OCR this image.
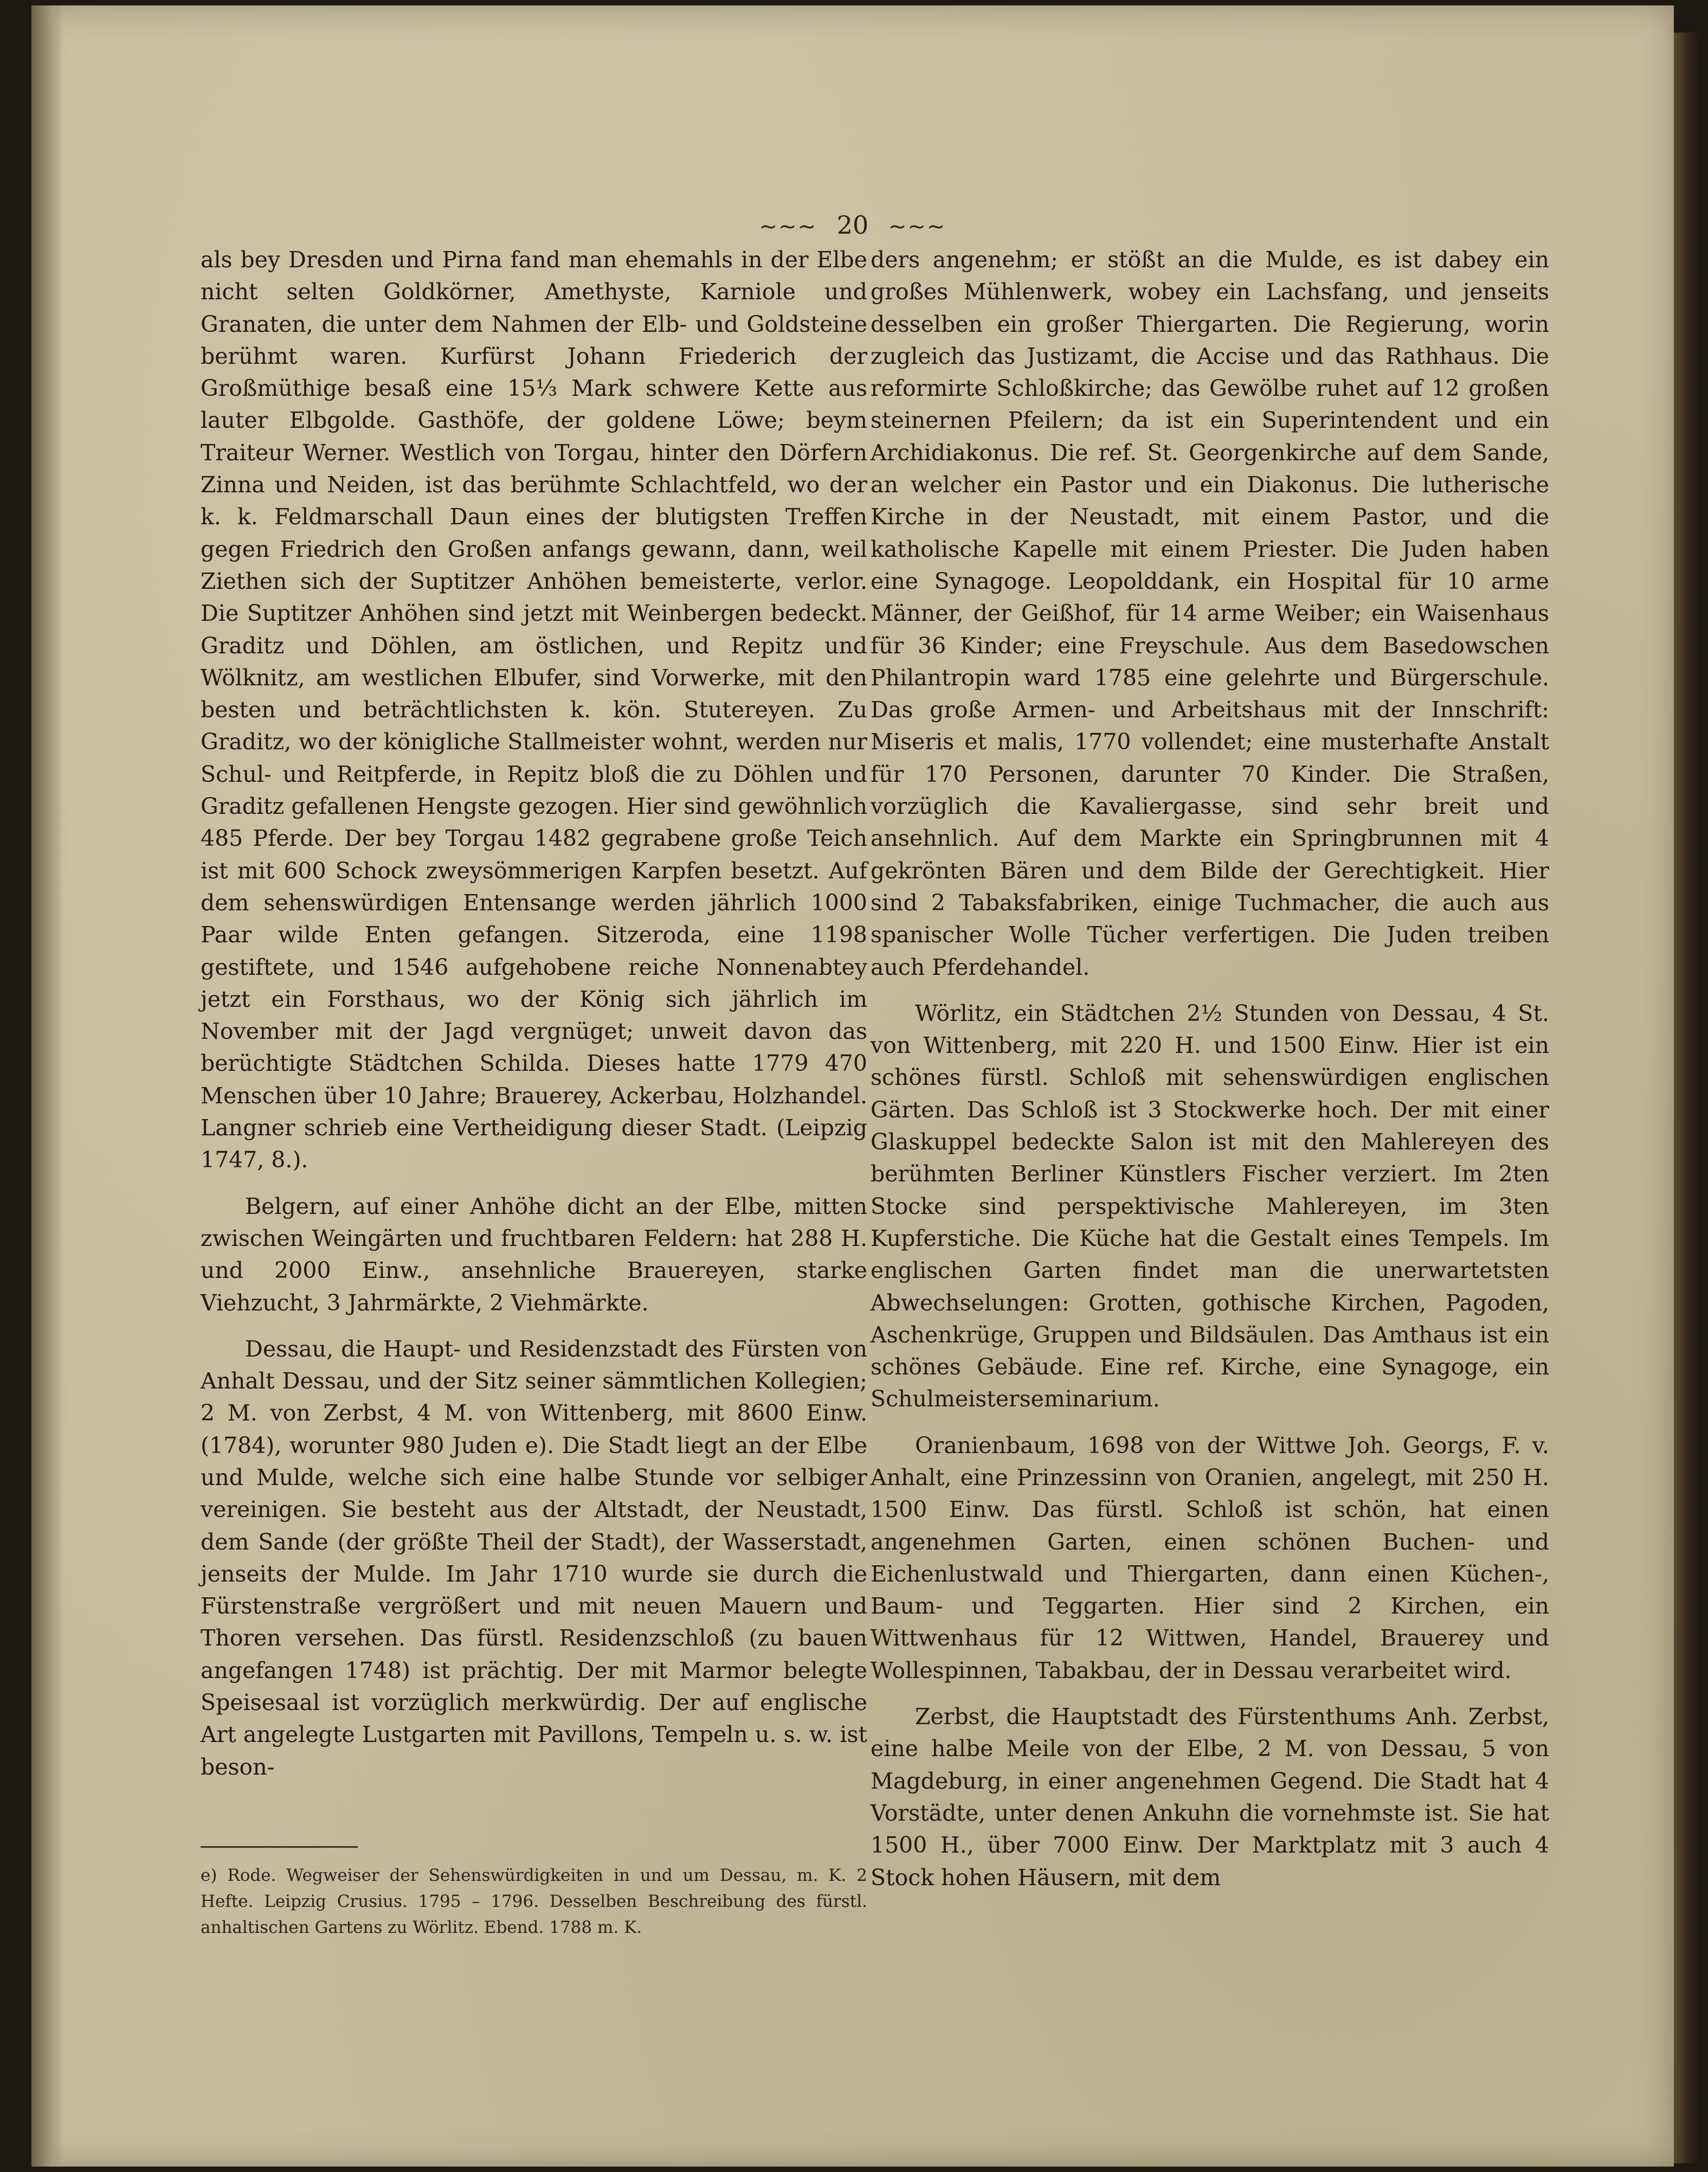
~~~ 20 ~~~

als bey Dresden und Pirna fand man ehemahls in der Elbe nicht selten Goldkörner, Amethyste, Karniole und Granaten, die unter dem Nahmen der Elb- und Goldsteine berühmt waren. Kurfürst Johann Friederich der Großmüthige besaß eine 15⅓ Mark schwere Kette aus lauter Elbgolde. Gasthöfe, der goldene Löwe; beym Traiteur Werner. Westlich von Torgau, hinter den Dörfern Zinna und Neiden, ist das berühmte Schlachtfeld, wo der k. k. Feldmarschall Daun eines der blutigsten Treffen gegen Friedrich den Großen anfangs gewann, dann, weil Ziethen sich der Suptitzer Anhöhen bemeisterte, verlor. Die Suptitzer Anhöhen sind jetzt mit Weinbergen bedeckt. Graditz und Döhlen, am östlichen, und Repitz und Wölknitz, am westlichen Elbufer, sind Vorwerke, mit den besten und beträchtlichsten k. kön. Stutereyen. Zu Graditz, wo der königliche Stallmeister wohnt, werden nur Schul- und Reitpferde, in Repitz bloß die zu Döhlen und Graditz gefallenen Hengste gezogen. Hier sind gewöhnlich 485 Pferde. Der bey Torgau 1482 gegrabene große Teich ist mit 600 Schock zweysömmerigen Karpfen besetzt. Auf dem sehenswürdigen Entensange werden jährlich 1000 Paar wilde Enten gefangen. Sitzeroda, eine 1198 gestiftete, und 1546 aufgehobene reiche Nonnenabtey jetzt ein Forsthaus, wo der König sich jährlich im November mit der Jagd vergnüget; unweit davon das berüchtigte Städtchen Schilda. Dieses hatte 1779 470 Menschen über 10 Jahre; Brauerey, Ackerbau, Holzhandel. Langner schrieb eine Vertheidigung dieser Stadt. (Leipzig 1747, 8.).

Belgern, auf einer Anhöhe dicht an der Elbe, mitten zwischen Weingärten und fruchtbaren Feldern: hat 288 H. und 2000 Einw., ansehnliche Brauereyen, starke Viehzucht, 3 Jahrmärkte, 2 Viehmärkte.

Dessau, die Haupt- und Residenzstadt des Fürsten von Anhalt Dessau, und der Sitz seiner sämmtlichen Kollegien; 2 M. von Zerbst, 4 M. von Wittenberg, mit 8600 Einw. (1784), worunter 980 Juden e). Die Stadt liegt an der Elbe und Mulde, welche sich eine halbe Stunde vor selbiger vereinigen. Sie besteht aus der Altstadt, der Neustadt, dem Sande (der größte Theil der Stadt), der Wasserstadt, jenseits der Mulde. Im Jahr 1710 wurde sie durch die Fürstenstraße vergrößert und mit neuen Mauern und Thoren versehen. Das fürstl. Residenzschloß (zu bauen angefangen 1748) ist prächtig. Der mit Marmor belegte Speisesaal ist vorzüglich merkwürdig. Der auf englische Art angelegte Lustgarten mit Pavillons, Tempeln u. s. w. ist beson-

ders angenehm; er stößt an die Mulde, es ist dabey ein großes Mühlenwerk, wobey ein Lachsfang, und jenseits desselben ein großer Thiergarten. Die Regierung, worin zugleich das Justizamt, die Accise und das Rathhaus. Die reformirte Schloßkirche; das Gewölbe ruhet auf 12 großen steinernen Pfeilern; da ist ein Superintendent und ein Archidiakonus. Die ref. St. Georgenkirche auf dem Sande, an welcher ein Pastor und ein Diakonus. Die lutherische Kirche in der Neustadt, mit einem Pastor, und die katholische Kapelle mit einem Priester. Die Juden haben eine Synagoge. Leopolddank, ein Hospital für 10 arme Männer, der Geißhof, für 14 arme Weiber; ein Waisenhaus für 36 Kinder; eine Freyschule. Aus dem Basedowschen Philantropin ward 1785 eine gelehrte und Bürgerschule. Das große Armen- und Arbeitshaus mit der Innschrift: Miseris et malis, 1770 vollendet; eine musterhafte Anstalt für 170 Personen, darunter 70 Kinder. Die Straßen, vorzüglich die Kavaliergasse, sind sehr breit und ansehnlich. Auf dem Markte ein Springbrunnen mit 4 gekrönten Bären und dem Bilde der Gerechtigkeit. Hier sind 2 Tabaksfabriken, einige Tuchmacher, die auch aus spanischer Wolle Tücher verfertigen. Die Juden treiben auch Pferdehandel.

Wörlitz, ein Städtchen 2½ Stunden von Dessau, 4 St. von Wittenberg, mit 220 H. und 1500 Einw. Hier ist ein schönes fürstl. Schloß mit sehenswürdigen englischen Gärten. Das Schloß ist 3 Stockwerke hoch. Der mit einer Glaskuppel bedeckte Salon ist mit den Mahlereyen des berühmten Berliner Künstlers Fischer verziert. Im 2ten Stocke sind perspektivische Mahlereyen, im 3ten Kupferstiche. Die Küche hat die Gestalt eines Tempels. Im englischen Garten findet man die unerwartetsten Abwechselungen: Grotten, gothische Kirchen, Pagoden, Aschenkrüge, Gruppen und Bildsäulen. Das Amthaus ist ein schönes Gebäude. Eine ref. Kirche, eine Synagoge, ein Schulmeisterseminarium.

Oranienbaum, 1698 von der Wittwe Joh. Georgs, F. v. Anhalt, eine Prinzessinn von Oranien, angelegt, mit 250 H. 1500 Einw. Das fürstl. Schloß ist schön, hat einen angenehmen Garten, einen schönen Buchen- und Eichenlustwald und Thiergarten, dann einen Küchen-, Baum- und Teggarten. Hier sind 2 Kirchen, ein Wittwenhaus für 12 Wittwen, Handel, Brauerey und Wollespinnen, Tabakbau, der in Dessau verarbeitet wird.

Zerbst, die Hauptstadt des Fürstenthums Anh. Zerbst, eine halbe Meile von der Elbe, 2 M. von Dessau, 5 von Magdeburg, in einer angenehmen Gegend. Die Stadt hat 4 Vorstädte, unter denen Ankuhn die vornehmste ist. Sie hat 1500 H., über 7000 Einw. Der Marktplatz mit 3 auch 4 Stock hohen Häusern, mit dem

e) Rode. Wegweiser der Sehenswürdigkeiten in und um Dessau, m. K. 2 Hefte. Leipzig Crusius. 1795 – 1796. Desselben Beschreibung des fürstl. anhaltischen Gartens zu Wörlitz. Ebend. 1788 m. K.
